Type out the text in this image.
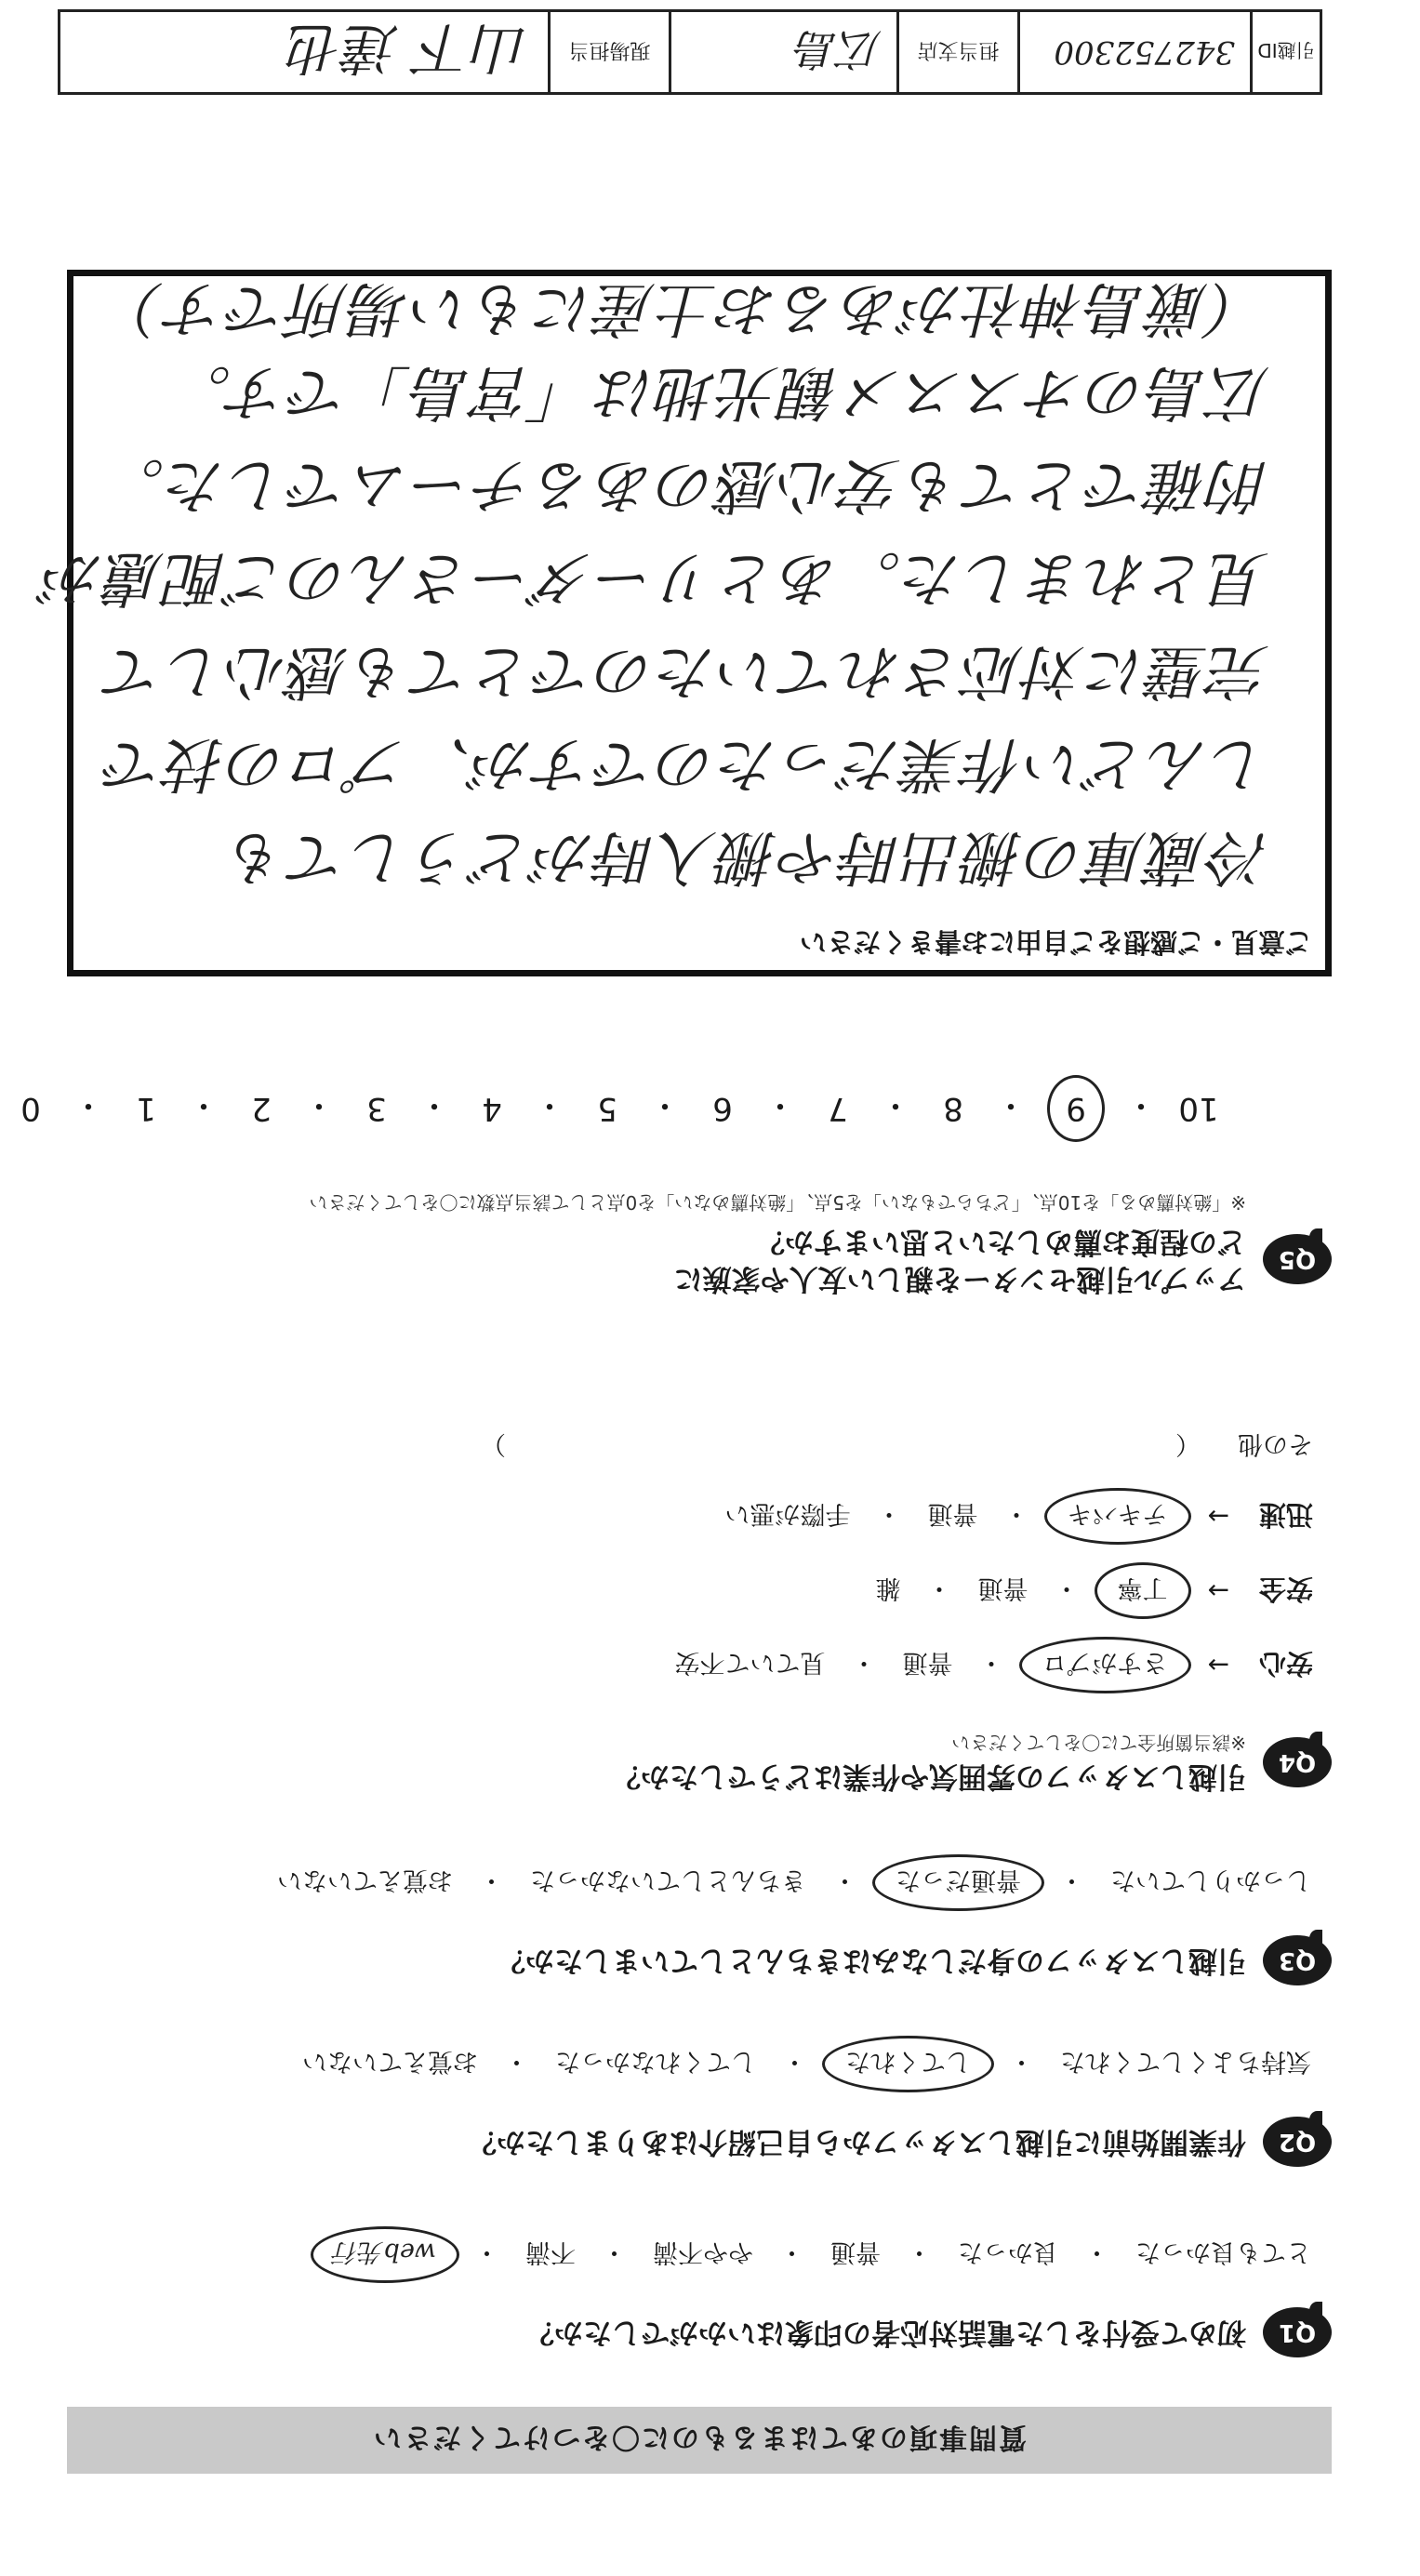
質問事項のあてはまるものに〇をつけてください
Q1
初めて受付をした電話対応者の印象はいかがでしたか？
とても良かった
・
良かった
・
普通
・
やや不満
・
不満
・
web先行
Q2
作業開始前に引越しスタッフから自己紹介はありましたか？
気持ちよくしてくれた
・
してくれた
・
してくれなかった
・
お覚えていない
Q3
引越しスタッフの身だしなみはきちんとしていましたか？
しっかりしていた
・
普通だった
・
きちんとしていなかった
・
お覚えていない
Q4
引越しスタッフの雰囲気や作業はどうでしたか？
※該当箇所全てに〇をしてください
安心
→
さすがプロ
・
普通
・
見ていて不安
安全
→
丁寧
・
普通
・
雑
迅速
→
テキパキ
・
普通
・
手際が悪い
その他
（
）
Q5
アップル引越センターを親しい友人や家族に
どの程度お薦めしたいと思いますか？
※「絶対薦める」を10点、「どちらでもない」を5点、「絶対薦めない」を0点として該当点数に〇をしてください
10
・
9
・
8
・
7
・
6
・
5
・
4
・
3
・
2
・
1
・
0
ご意見・ご感想をご自由にお書きください
冷蔵庫の搬出時や搬入時がどうしても
しんどい作業だったのですが、プロの技で
完璧に対応されていたのでとても感心して
見とれました。あとリーダーさんのご配慮が
的確でとても安心感のあるチームでした。
広島のオススメ観光地は「宮島」です。
（厳島神社があるお土産にもい場所です）
引越ID
342752300
担当支店
広島
現場担当
山下 達也
